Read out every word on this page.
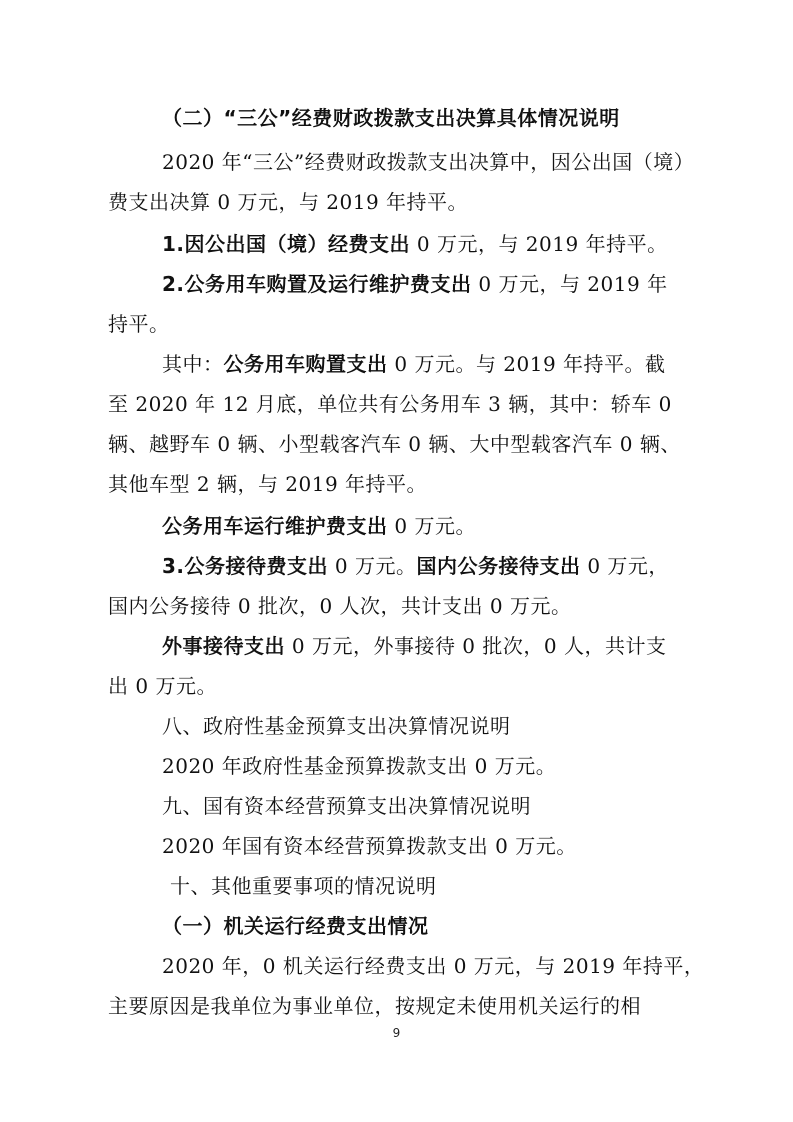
（二）“三公”经费财政拨款支出决算具体情况说明
2020 年“三公”经费财政拨款支出决算中，因公出国（境）
费支出决算 0 万元，与 2019 年持平。
1.因公出国（境）经费支出 0 万元，与 2019 年持平。
2.公务用车购置及运行维护费支出 0 万元，与 2019 年
持平。
其中：公务用车购置支出 0 万元。与 2019 年持平。截
至 2020 年 12 月底，单位共有公务用车 3 辆，其中：轿车 0
辆、越野车 0 辆、小型载客汽车 0 辆、大中型载客汽车 0 辆、
其他车型 2 辆，与 2019 年持平。
公务用车运行维护费支出 0 万元。
3.公务接待费支出 0 万元。国内公务接待支出 0 万元，
国内公务接待 0 批次，0 人次，共计支出 0 万元。
外事接待支出 0 万元，外事接待 0 批次，0 人，共计支
出 0 万元。
八、政府性基金预算支出决算情况说明
2020 年政府性基金预算拨款支出 0 万元。
九、国有资本经营预算支出决算情况说明
2020 年国有资本经营预算拨款支出 0 万元。
十、其他重要事项的情况说明
（一）机关运行经费支出情况
2020 年，0 机关运行经费支出 0 万元，与 2019 年持平，
主要原因是我单位为事业单位，按规定未使用机关运行的相
9
